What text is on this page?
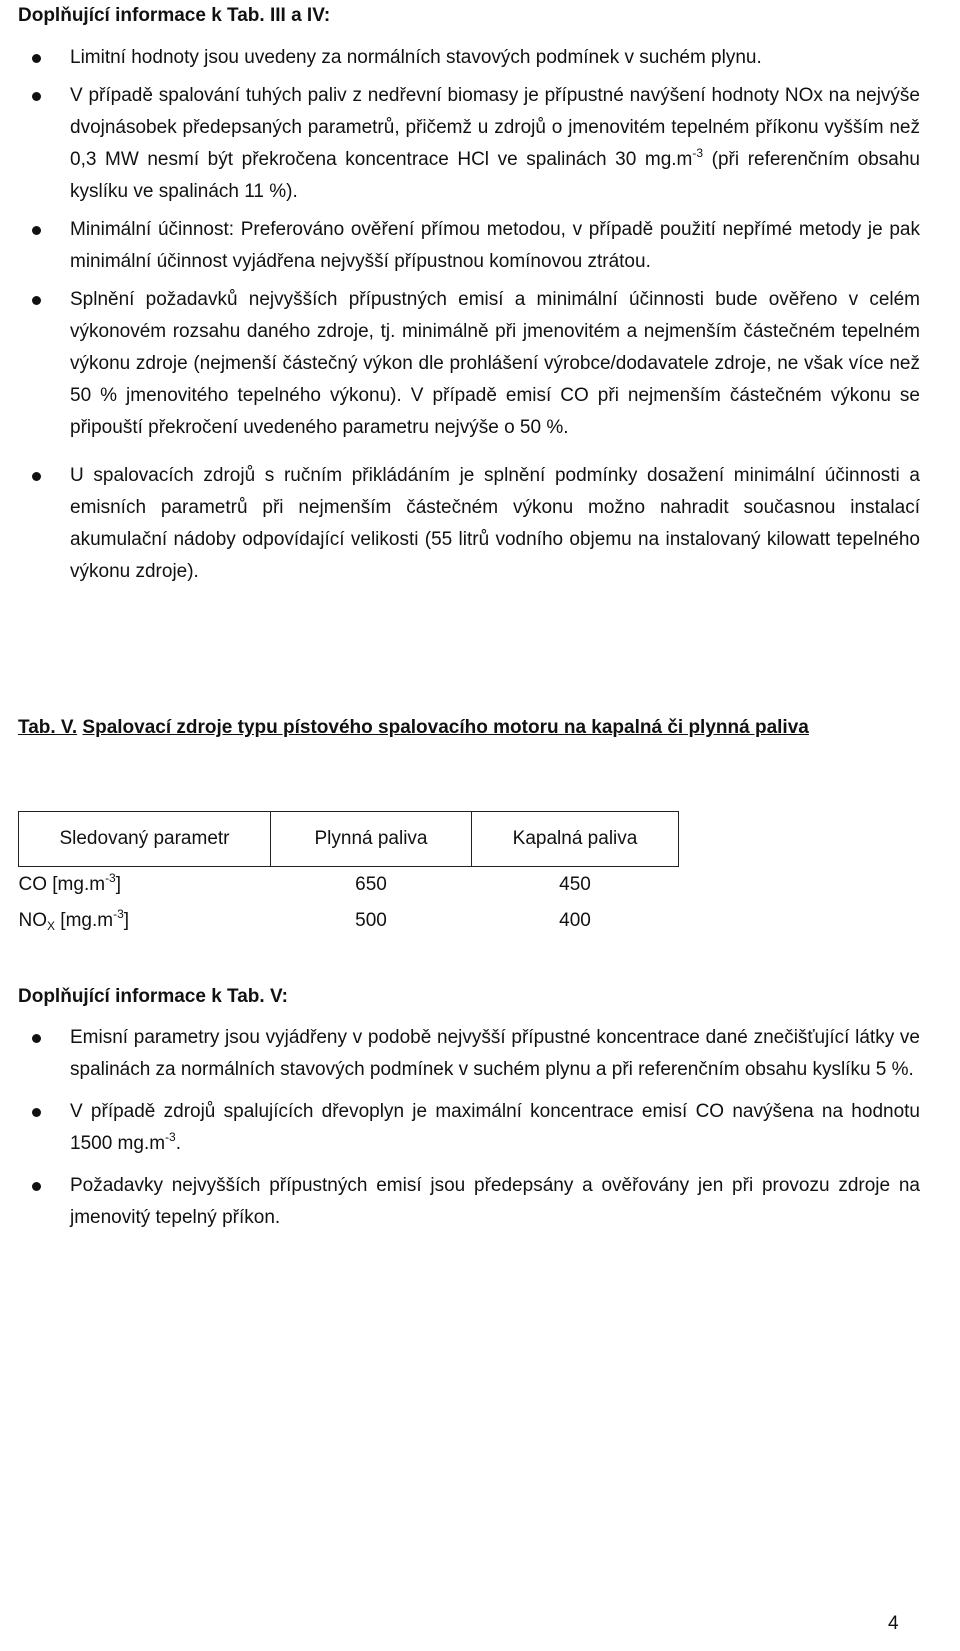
Doplňující informace k Tab. III a IV:
Limitní hodnoty jsou uvedeny za normálních stavových podmínek v suchém plynu.
V případě spalování tuhých paliv z nedřevní biomasy je přípustné navýšení hodnoty NOx na nejvýše dvojnásobek předepsaných parametrů, přičemž u zdrojů o jmenovitém tepelném příkonu vyšším než 0,3 MW nesmí být překročena koncentrace HCl ve spalinách 30 $mg.m^{-3}$ (při referenčním obsahu kyslíku ve spalinách 11 %).
Minimální účinnost: Preferováno ověření přímou metodou, v případě použití nepřímé metody je pak minimální účinnost vyjádřena nejvyšší přípustnou komínovou ztrátou.
Splnění požadavků nejvyšších přípustných emisí a minimální účinnosti bude ověřeno v celém výkonovém rozsahu daného zdroje, tj. minimálně při jmenovitém a nejmenším částečném tepelném výkonu zdroje (nejmenší částečný výkon dle prohlášení výrobce/dodavatele zdroje, ne však více než 50 % jmenovitého tepelného výkonu). V případě emisí CO při nejmenším částečném výkonu se připouští překročení uvedeného parametru nejvýše o 50 %.
U spalovacích zdrojů s ručním přikládáním je splnění podmínky dosažení minimální účinnosti a emisních parametrů při nejmenším částečném výkonu možno nahradit současnou instalací akumulační nádoby odpovídající velikosti (55 litrů vodního objemu na instalovaný kilowatt tepelného výkonu zdroje).
Tab. V. Spalovací zdroje typu pístového spalovacího motoru na kapalná či plynná paliva
Sledovaný parametr	Plynná paliva	Kapalná paliva
CO $[mg.m^{-3}]$	650	450
$NO_X$ $[mg.m^{-3}]$	500	400
Doplňující informace k Tab. V:
Emisní parametry jsou vyjádřeny v podobě nejvyšší přípustné koncentrace dané znečišťující látky ve spalinách za normálních stavových podmínek v suchém plynu a při referenčním obsahu kyslíku 5 %.
V případě zdrojů spalujících dřevoplyn je maximální koncentrace emisí CO navýšena na hodnotu 1500 $mg.m^{-3}$.
Požadavky nejvyšších přípustných emisí jsou předepsány a ověřovány jen při provozu zdroje na jmenovitý tepelný příkon.
4
